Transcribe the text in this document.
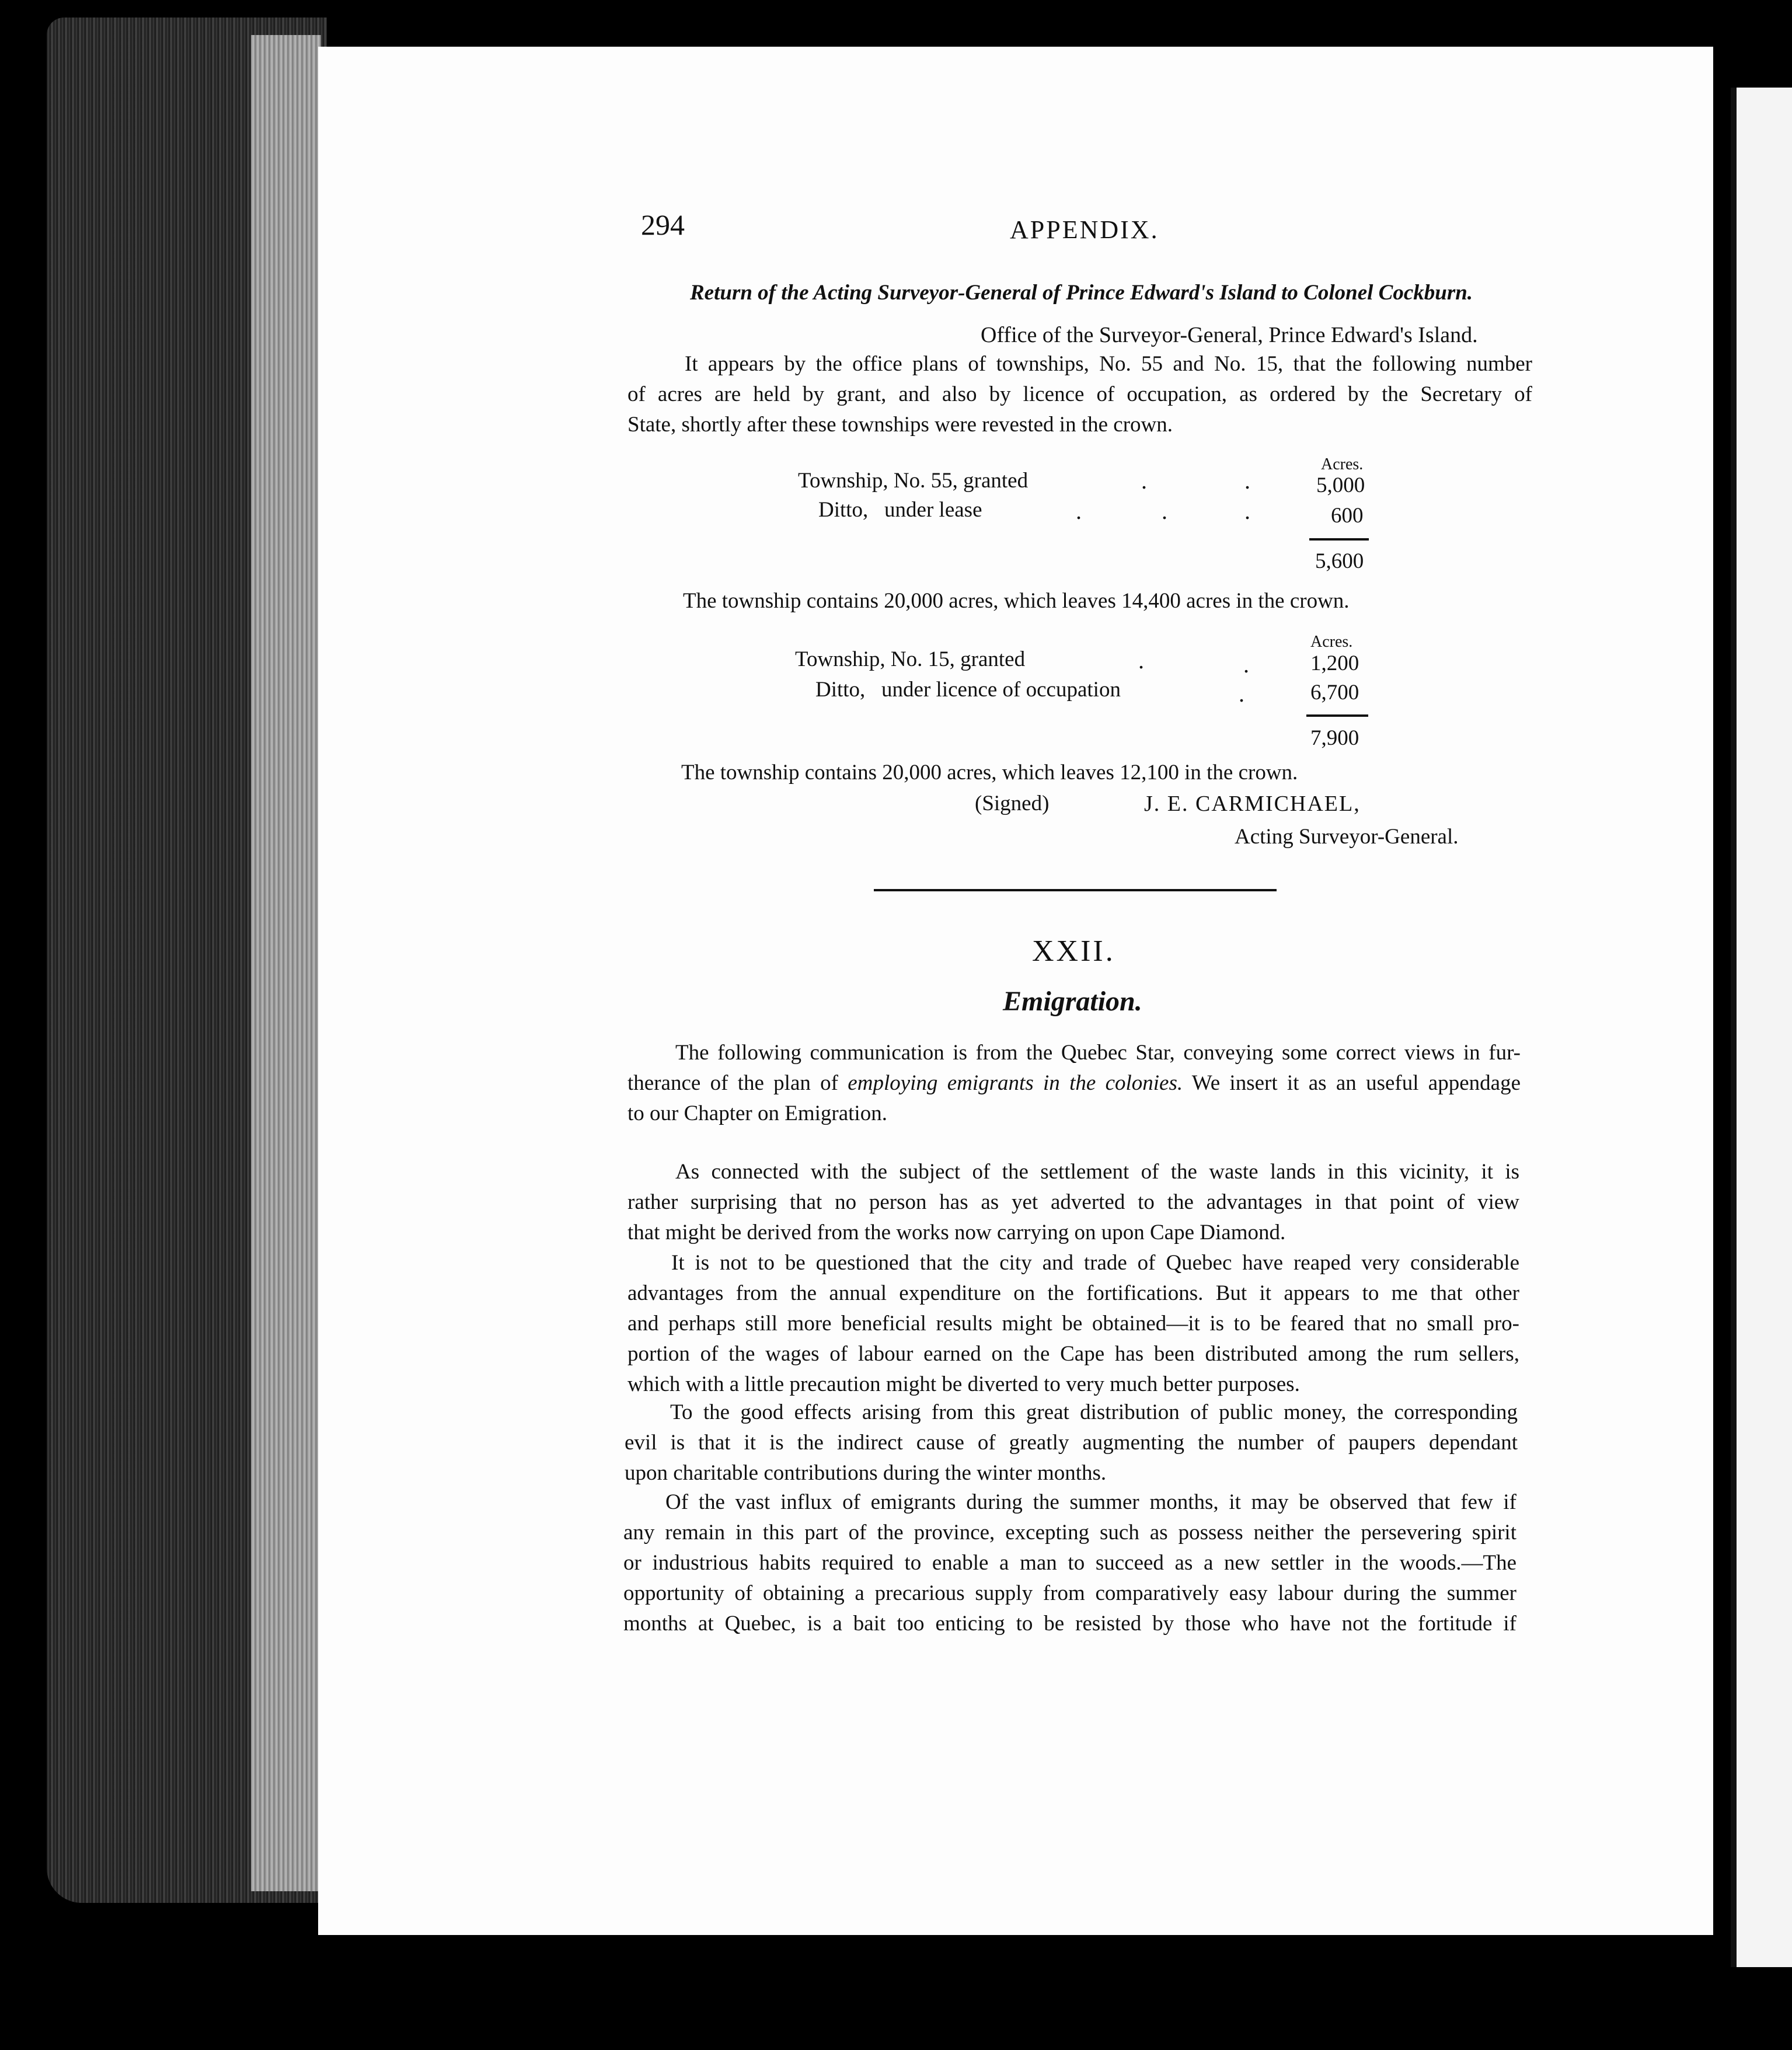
294	APPENDIX.
Return of the Acting Surveyor-General of Prince Edward's Island to Colonel Cockburn.
Office of the Surveyor-General, Prince Edward's Island.
It appears by the office plans of townships, No. 55 and No. 15, that the following number
of acres are held by grant, and also by licence of occupation, as ordered by the Secretary of
State, shortly after these townships were revested in the crown.
Acres.
Township, No. 55, granted	.	.	5,000
Ditto,   under lease	.	.	.	600
5,600
The township contains 20,000 acres, which leaves 14,400 acres in the crown.
Acres.
Township, No. 15, granted	.	.	1,200
Ditto,   under licence of occupation	.	6,700
7,900
The township contains 20,000 acres, which leaves 12,100 in the crown.
(Signed)	J. E. CARMICHAEL,
Acting Surveyor-General.
XXII.
Emigration.
The following communication is from the Quebec Star, conveying some correct views in fur-
therance of the plan of employing emigrants in the colonies. We insert it as an useful appendage
to our Chapter on Emigration.
As connected with the subject of the settlement of the waste lands in this vicinity, it is
rather surprising that no person has as yet adverted to the advantages in that point of view
that might be derived from the works now carrying on upon Cape Diamond.
It is not to be questioned that the city and trade of Quebec have reaped very considerable
advantages from the annual expenditure on the fortifications. But it appears to me that other
and perhaps still more beneficial results might be obtained—it is to be feared that no small pro-
portion of the wages of labour earned on the Cape has been distributed among the rum sellers,
which with a little precaution might be diverted to very much better purposes.
To the good effects arising from this great distribution of public money, the corresponding
evil is that it is the indirect cause of greatly augmenting the number of paupers dependant
upon charitable contributions during the winter months.
Of the vast influx of emigrants during the summer months, it may be observed that few if
any remain in this part of the province, excepting such as possess neither the persevering spirit
or industrious habits required to enable a man to succeed as a new settler in the woods.—The
opportunity of obtaining a precarious supply from comparatively easy labour during the summer
months at Quebec, is a bait too enticing to be resisted by those who have not the fortitude if
